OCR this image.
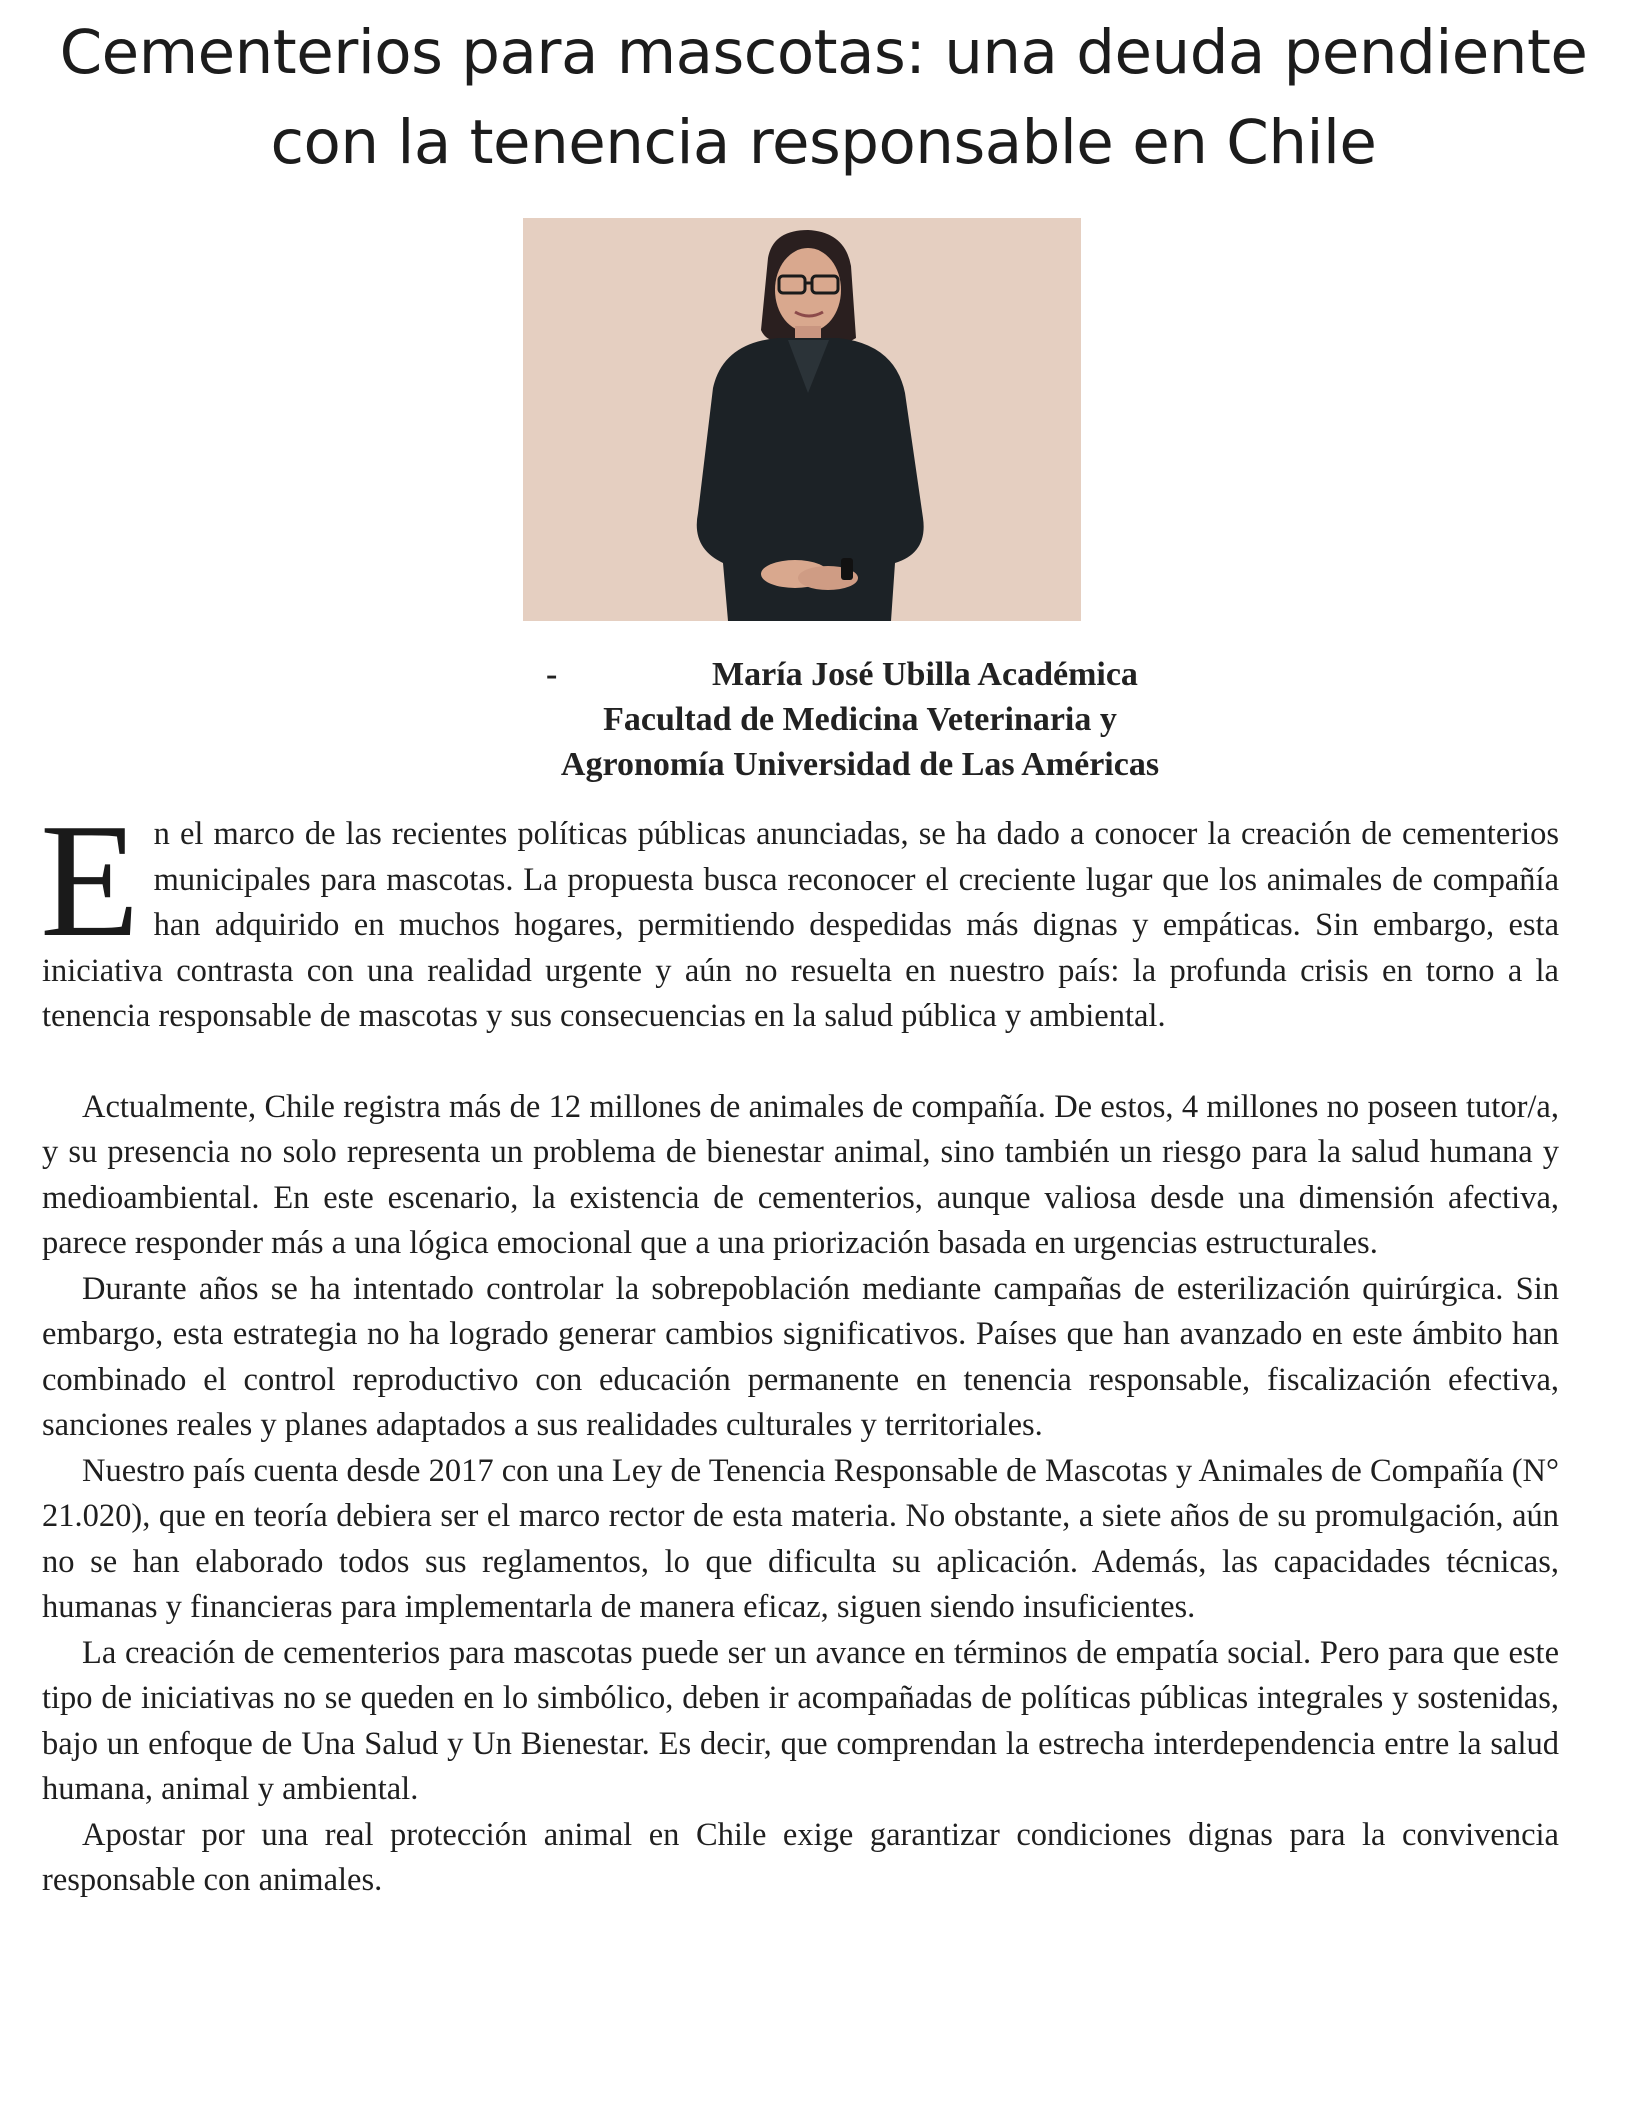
Cementerios para mascotas: una deuda pendiente
con la tenencia responsable en Chile
-	María José Ubilla Académica
Facultad de Medicina Veterinaria y
Agronomía Universidad de Las Américas

En el marco de las recientes políticas públicas anunciadas, se ha dado a conocer la creación de cementerios municipales para mascotas. La propuesta busca reconocer el creciente lugar que los animales de compañía han adquirido en muchos hogares, permitiendo despedidas más dignas y empáticas. Sin embargo, esta iniciativa contrasta con una realidad urgente y aún no resuelta en nuestro país: la profunda crisis en torno a la tenencia responsable de mascotas y sus consecuencias en la salud pública y ambiental.

Actualmente, Chile registra más de 12 millones de animales de compañía. De estos, 4 millones no poseen tutor/a, y su presencia no solo representa un problema de bienestar animal, sino también un riesgo para la salud humana y medioambiental. En este escenario, la existencia de cementerios, aunque valiosa desde una dimensión afectiva, parece responder más a una lógica emocional que a una priorización basada en urgencias estructurales.

Durante años se ha intentado controlar la sobrepoblación mediante campañas de esterilización quirúrgica. Sin embargo, esta estrategia no ha logrado generar cambios significativos. Países que han avanzado en este ámbito han combinado el control reproductivo con educación permanente en tenencia responsable, fiscalización efectiva, sanciones reales y planes adaptados a sus realidades culturales y territoriales.

Nuestro país cuenta desde 2017 con una Ley de Tenencia Responsable de Mascotas y Animales de Compañía (N° 21.020), que en teoría debiera ser el marco rector de esta materia. No obstante, a siete años de su promulgación, aún no se han elaborado todos sus reglamentos, lo que dificulta su aplicación. Además, las capacidades técnicas, humanas y financieras para implementarla de manera eficaz, siguen siendo insuficientes.

La creación de cementerios para mascotas puede ser un avance en términos de empatía social. Pero para que este tipo de iniciativas no se queden en lo simbólico, deben ir acompañadas de políticas públicas integrales y sostenidas, bajo un enfoque de Una Salud y Un Bienestar. Es decir, que comprendan la estrecha interdependencia entre la salud humana, animal y ambiental.

Apostar por una real protección animal en Chile exige garantizar condiciones dignas para la convivencia responsable con animales.
